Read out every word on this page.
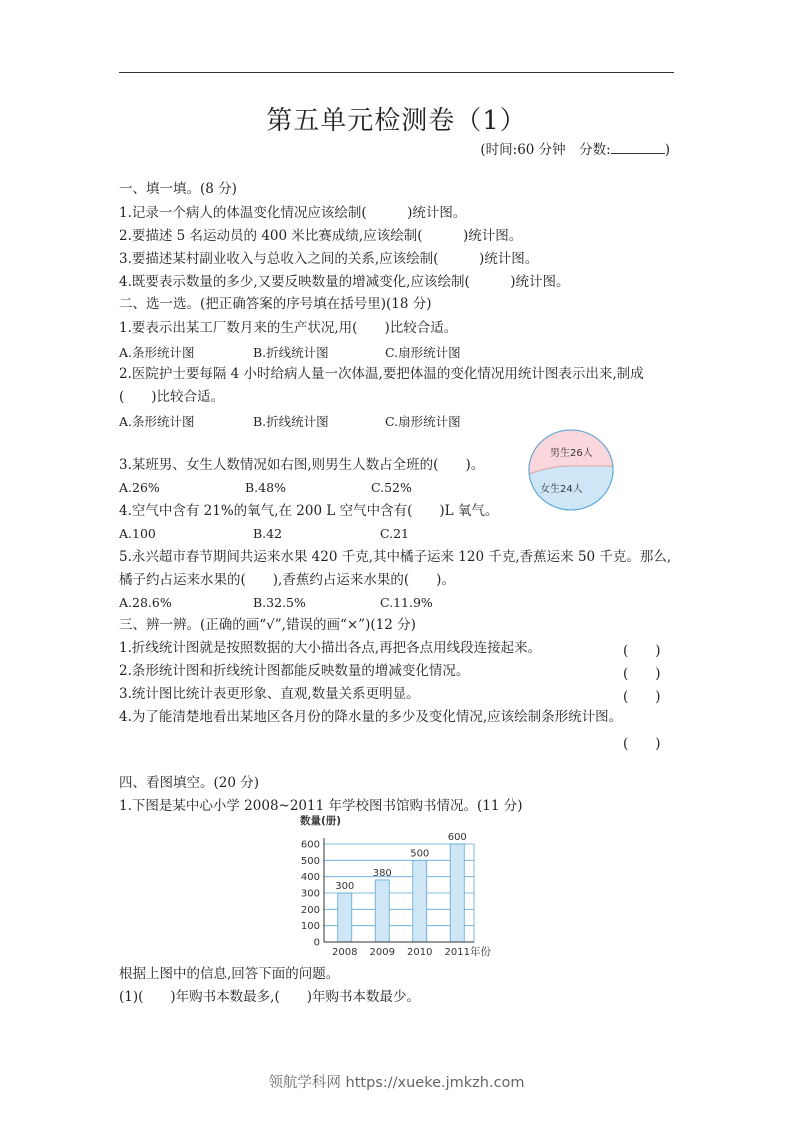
第五单元检测卷（1）
(时间:60 分钟　分数:	)
一、填一填。(8 分)
1.记录一个病人的体温变化情况应该绘制(　　　)统计图。
2.要描述 5 名运动员的 400 米比赛成绩,应该绘制(　　　)统计图。
3.要描述某村副业收入与总收入之间的关系,应该绘制(　　　)统计图。
4.既要表示数量的多少,又要反映数量的增减变化,应该绘制(　　　)统计图。
二、选一选。(把正确答案的序号填在括号里)(18 分)
1.要表示出某工厂数月来的生产状况,用(　　)比较合适。
A.条形统计图	B.折线统计图	C.扇形统计图
2.医院护士要每隔 4 小时给病人量一次体温,要把体温的变化情况用统计图表示出来,制成
(　　)比较合适。
A.条形统计图	B.折线统计图	C.扇形统计图
男生26人
女生24人
3.某班男、女生人数情况如右图,则男生人数占全班的(　　)。
A.26%	B.48%	C.52%
4.空气中含有 21%的氧气,在 200 L 空气中含有(　　)L 氧气。
A.100	B.42	C.21
5.永兴超市春节期间共运来水果 420 千克,其中橘子运来 120 千克,香蕉运来 50 千克。那么,
橘子约占运来水果的(　　),香蕉约占运来水果的(　　)。
A.28.6%	B.32.5%	C.11.9%
三、辨一辨。(正确的画“√”,错误的画“×”)(12 分)
1.折线统计图就是按照数据的大小描出各点,再把各点用线段连接起来。	(　　)
2.条形统计图和折线统计图都能反映数量的增减变化情况。	(　　)
3.统计图比统计表更形象、直观,数量关系更明显。	(　　)
4.为了能清楚地看出某地区各月份的降水量的多少及变化情况,应该绘制条形统计图。
(　　)
四、看图填空。(20 分)
1.下图是某中心小学 2008~2011 年学校图书馆购书情况。(11 分)
数量(册)
0
100
200
300
400
500
600
300
2008
380
2009
500
2010
600
2011 年份
根据上图中的信息,回答下面的问题。
(1)(　　)年购书本数最多,(　　)年购书本数最少。
领航学科网 https://xueke.jmkzh.com
